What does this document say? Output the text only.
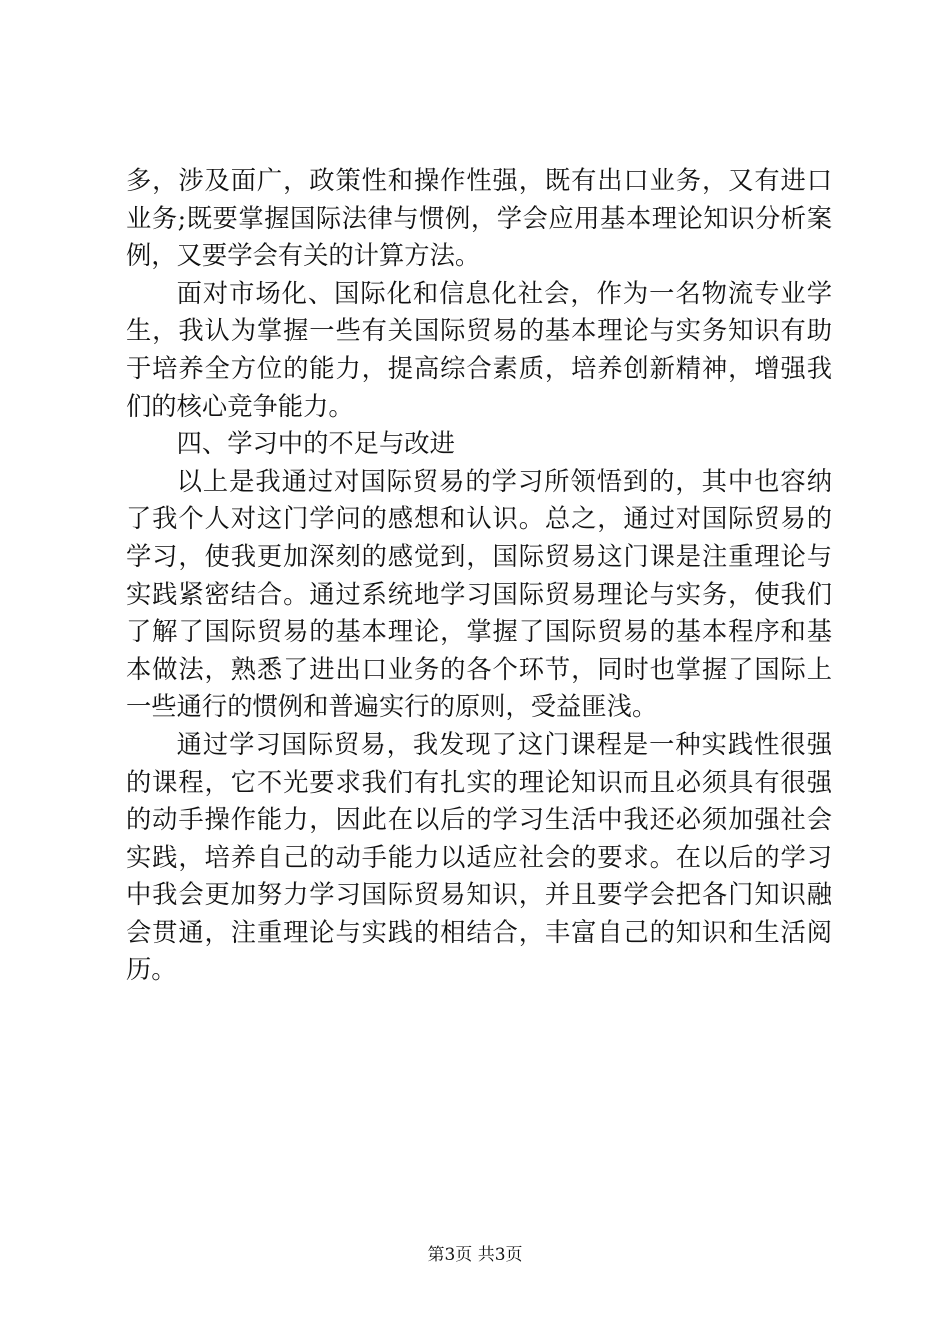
多，涉及面广，政策性和操作性强，既有出口业务，又有进口业务;既要掌握国际法律与惯例，学会应用基本理论知识分析案例，又要学会有关的计算方法。

面对市场化、国际化和信息化社会，作为一名物流专业学生，我认为掌握一些有关国际贸易的基本理论与实务知识有助于培养全方位的能力，提高综合素质，培养创新精神，增强我们的核心竞争能力。

四、学习中的不足与改进

以上是我通过对国际贸易的学习所领悟到的，其中也容纳了我个人对这门学问的感想和认识。总之，通过对国际贸易的学习，使我更加深刻的感觉到，国际贸易这门课是注重理论与实践紧密结合。通过系统地学习国际贸易理论与实务，使我们了解了国际贸易的基本理论，掌握了国际贸易的基本程序和基本做法，熟悉了进出口业务的各个环节，同时也掌握了国际上一些通行的惯例和普遍实行的原则，受益匪浅。

通过学习国际贸易，我发现了这门课程是一种实践性很强的课程，它不光要求我们有扎实的理论知识而且必须具有很强的动手操作能力，因此在以后的学习生活中我还必须加强社会实践，培养自己的动手能力以适应社会的要求。在以后的学习中我会更加努力学习国际贸易知识，并且要学会把各门知识融会贯通，注重理论与实践的相结合，丰富自己的知识和生活阅历。

第3页 共3页
